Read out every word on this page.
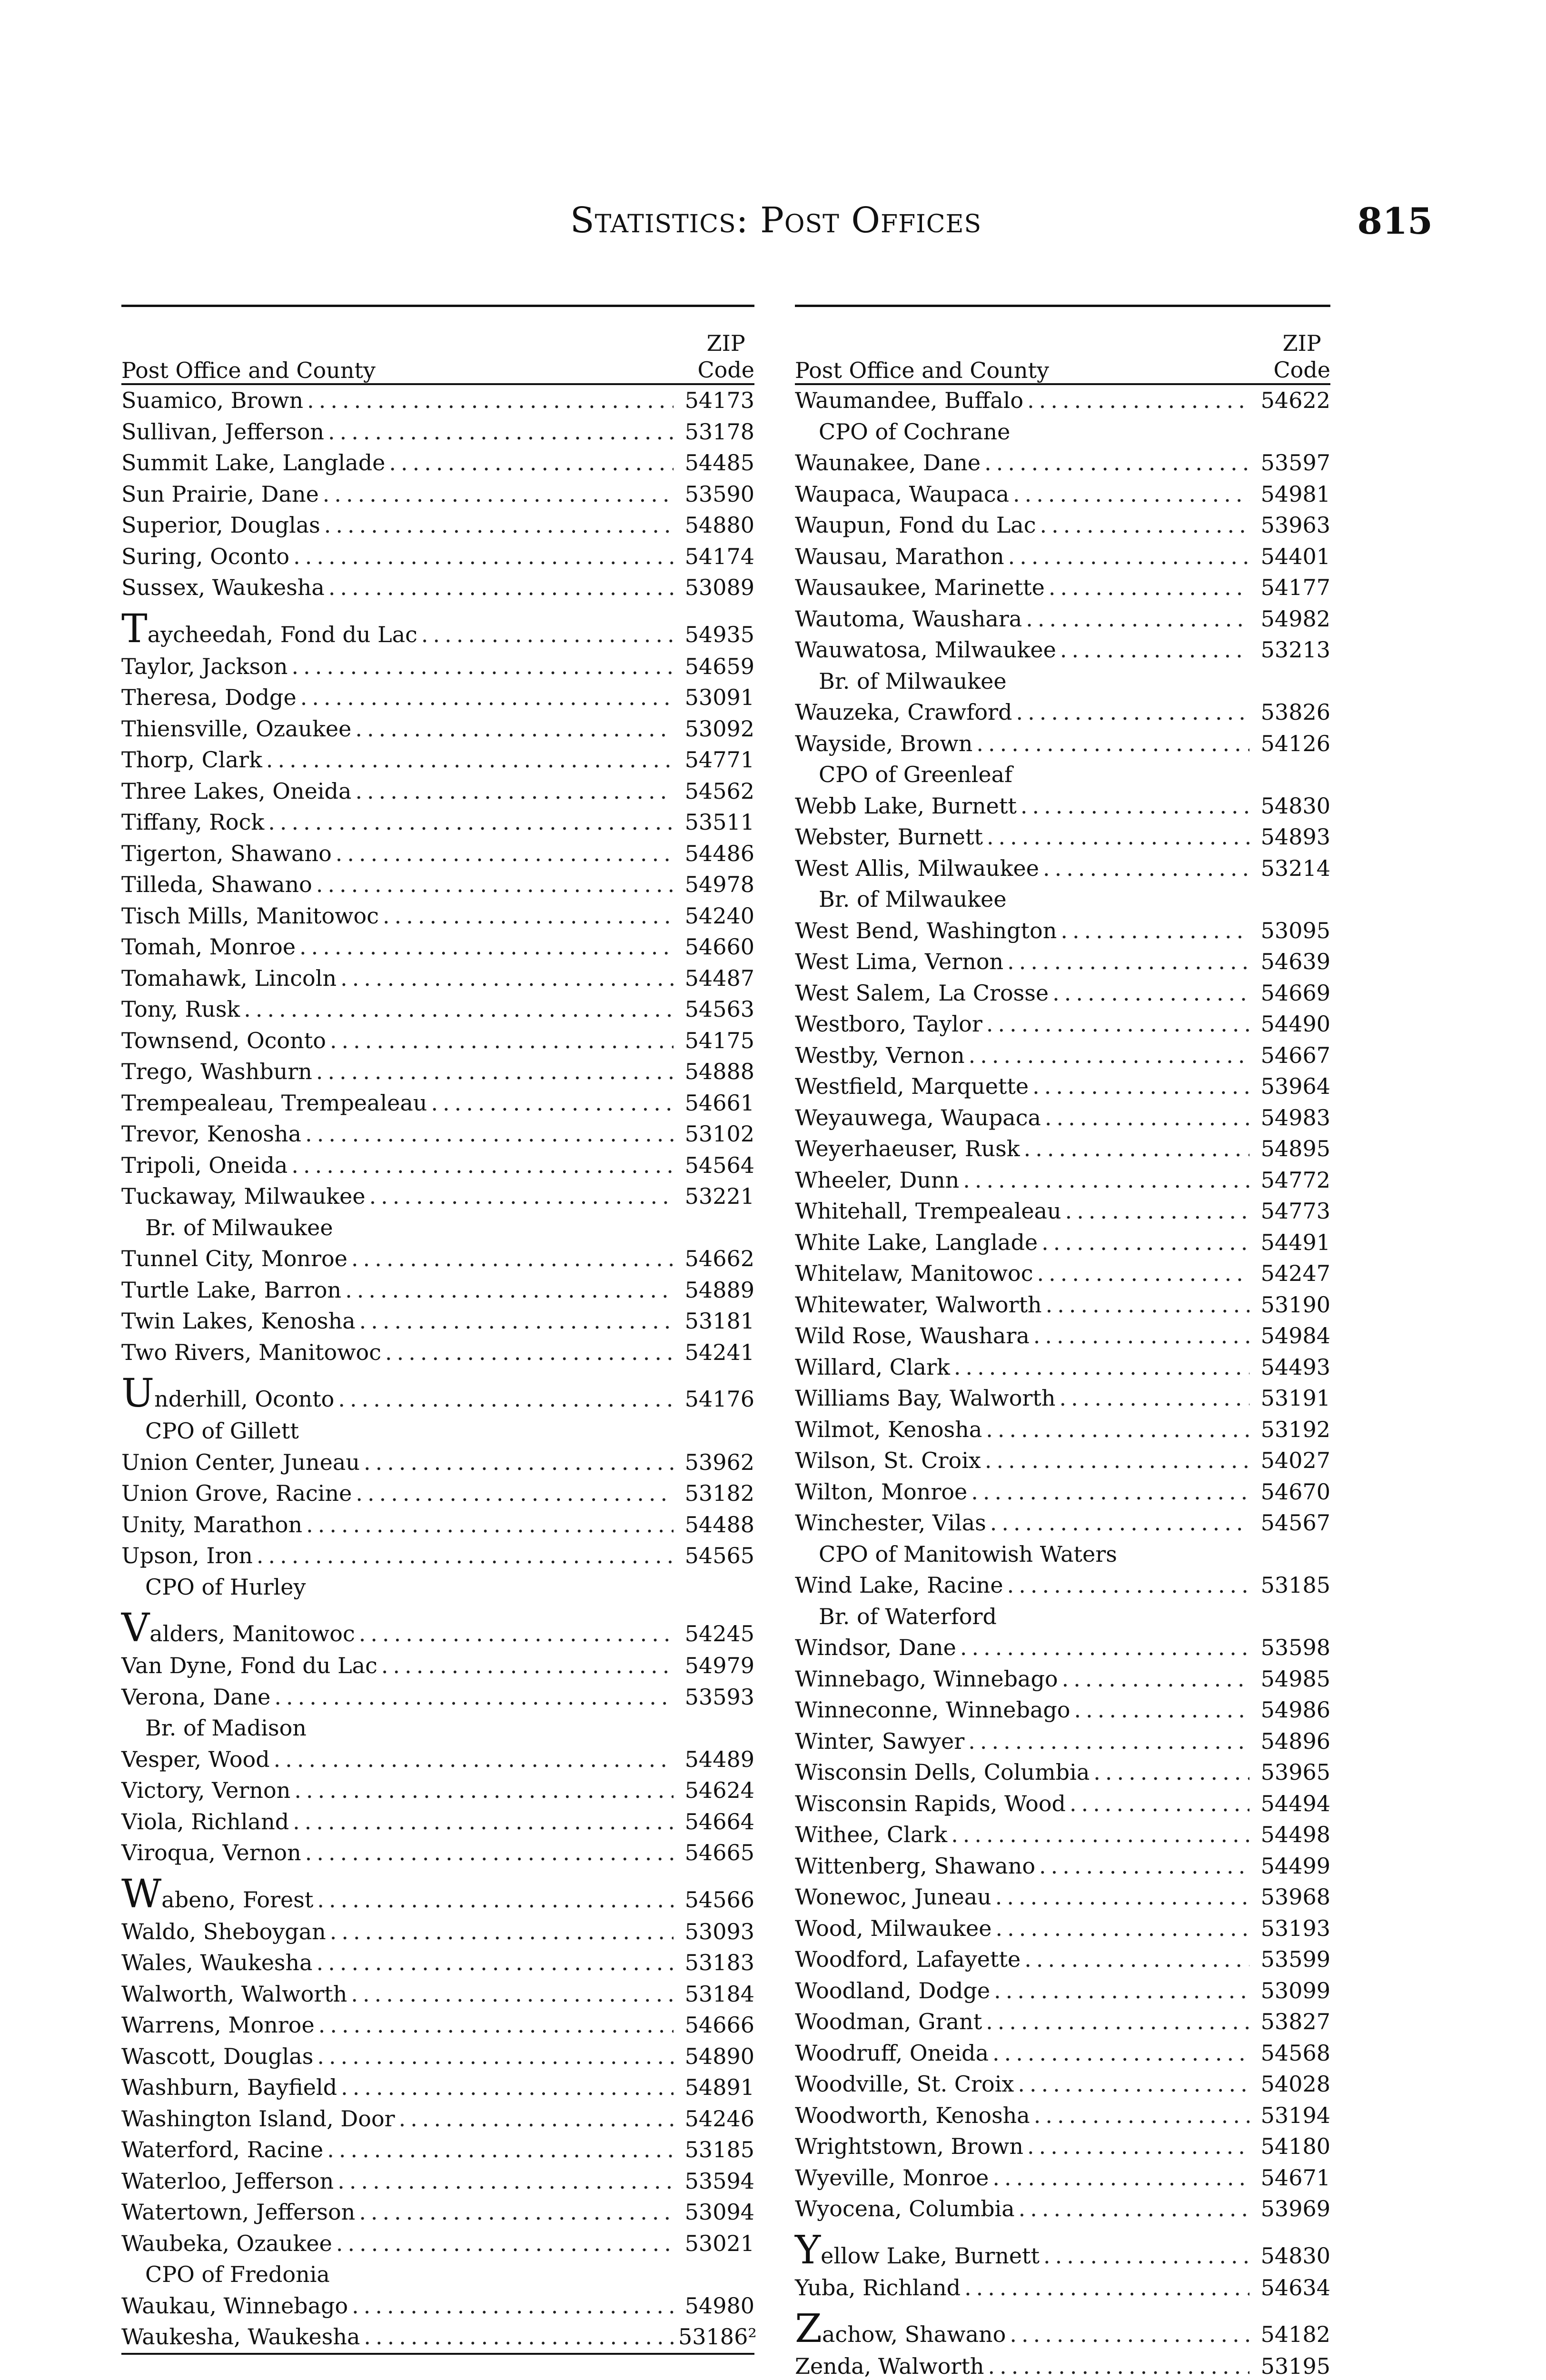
Statistics: Post Offices	815
Post Office and County
ZIP
Code
Suamico, Brown .....	54173
Sullivan, Jefferson .....	53178
Summit Lake, Langlade .....	54485
Sun Prairie, Dane .....	53590
Superior, Douglas .....	54880
Suring, Oconto .....	54174
Sussex, Waukesha .....	53089
Taycheedah, Fond du Lac .....	54935
Taylor, Jackson .....	54659
Theresa, Dodge .....	53091
Thiensville, Ozaukee .....	53092
Thorp, Clark .....	54771
Three Lakes, Oneida .....	54562
Tiffany, Rock .....	53511
Tigerton, Shawano .....	54486
Tilleda, Shawano .....	54978
Tisch Mills, Manitowoc .....	54240
Tomah, Monroe .....	54660
Tomahawk, Lincoln .....	54487
Tony, Rusk .....	54563
Townsend, Oconto .....	54175
Trego, Washburn .....	54888
Trempealeau, Trempealeau .....	54661
Trevor, Kenosha .....	53102
Tripoli, Oneida .....	54564
Tuckaway, Milwaukee .....	53221
Br. of Milwaukee
Tunnel City, Monroe .....	54662
Turtle Lake, Barron .....	54889
Twin Lakes, Kenosha .....	53181
Two Rivers, Manitowoc .....	54241
Underhill, Oconto .....	54176
CPO of Gillett
Union Center, Juneau .....	53962
Union Grove, Racine .....	53182
Unity, Marathon .....	54488
Upson, Iron .....	54565
CPO of Hurley
Valders, Manitowoc .....	54245
Van Dyne, Fond du Lac .....	54979
Verona, Dane .....	53593
Br. of Madison
Vesper, Wood .....	54489
Victory, Vernon .....	54624
Viola, Richland .....	54664
Viroqua, Vernon .....	54665
Wabeno, Forest .....	54566
Waldo, Sheboygan .....	53093
Wales, Waukesha .....	53183
Walworth, Walworth .....	53184
Warrens, Monroe .....	54666
Wascott, Douglas .....	54890
Washburn, Bayfield .....	54891
Washington Island, Door .....	54246
Waterford, Racine .....	53185
Waterloo, Jefferson .....	53594
Watertown, Jefferson .....	53094
Waubeka, Ozaukee .....	53021
CPO of Fredonia
Waukau, Winnebago .....	54980
Waukesha, Waukesha .....	53186²
Post Office and County
ZIP
Code
Waumandee, Buffalo .....	54622
CPO of Cochrane
Waunakee, Dane .....	53597
Waupaca, Waupaca .....	54981
Waupun, Fond du Lac .....	53963
Wausau, Marathon .....	54401
Wausaukee, Marinette .....	54177
Wautoma, Waushara .....	54982
Wauwatosa, Milwaukee .....	53213
Br. of Milwaukee
Wauzeka, Crawford .....	53826
Wayside, Brown .....	54126
CPO of Greenleaf
Webb Lake, Burnett .....	54830
Webster, Burnett .....	54893
West Allis, Milwaukee .....	53214
Br. of Milwaukee
West Bend, Washington .....	53095
West Lima, Vernon .....	54639
West Salem, La Crosse .....	54669
Westboro, Taylor .....	54490
Westby, Vernon .....	54667
Westfield, Marquette .....	53964
Weyauwega, Waupaca .....	54983
Weyerhaeuser, Rusk .....	54895
Wheeler, Dunn .....	54772
Whitehall, Trempealeau .....	54773
White Lake, Langlade .....	54491
Whitelaw, Manitowoc .....	54247
Whitewater, Walworth .....	53190
Wild Rose, Waushara .....	54984
Willard, Clark .....	54493
Williams Bay, Walworth .....	53191
Wilmot, Kenosha .....	53192
Wilson, St. Croix .....	54027
Wilton, Monroe .....	54670
Winchester, Vilas .....	54567
CPO of Manitowish Waters
Wind Lake, Racine .....	53185
Br. of Waterford
Windsor, Dane .....	53598
Winnebago, Winnebago .....	54985
Winneconne, Winnebago .....	54986
Winter, Sawyer .....	54896
Wisconsin Dells, Columbia .....	53965
Wisconsin Rapids, Wood .....	54494
Withee, Clark .....	54498
Wittenberg, Shawano .....	54499
Wonewoc, Juneau .....	53968
Wood, Milwaukee .....	53193
Woodford, Lafayette .....	53599
Woodland, Dodge .....	53099
Woodman, Grant .....	53827
Woodruff, Oneida .....	54568
Woodville, St. Croix .....	54028
Woodworth, Kenosha .....	53194
Wrightstown, Brown .....	54180
Wyeville, Monroe .....	54671
Wyocena, Columbia .....	53969
Yellow Lake, Burnett .....	54830
Yuba, Richland .....	54634
Zachow, Shawano .....	54182
Zenda, Walworth .....	53195
